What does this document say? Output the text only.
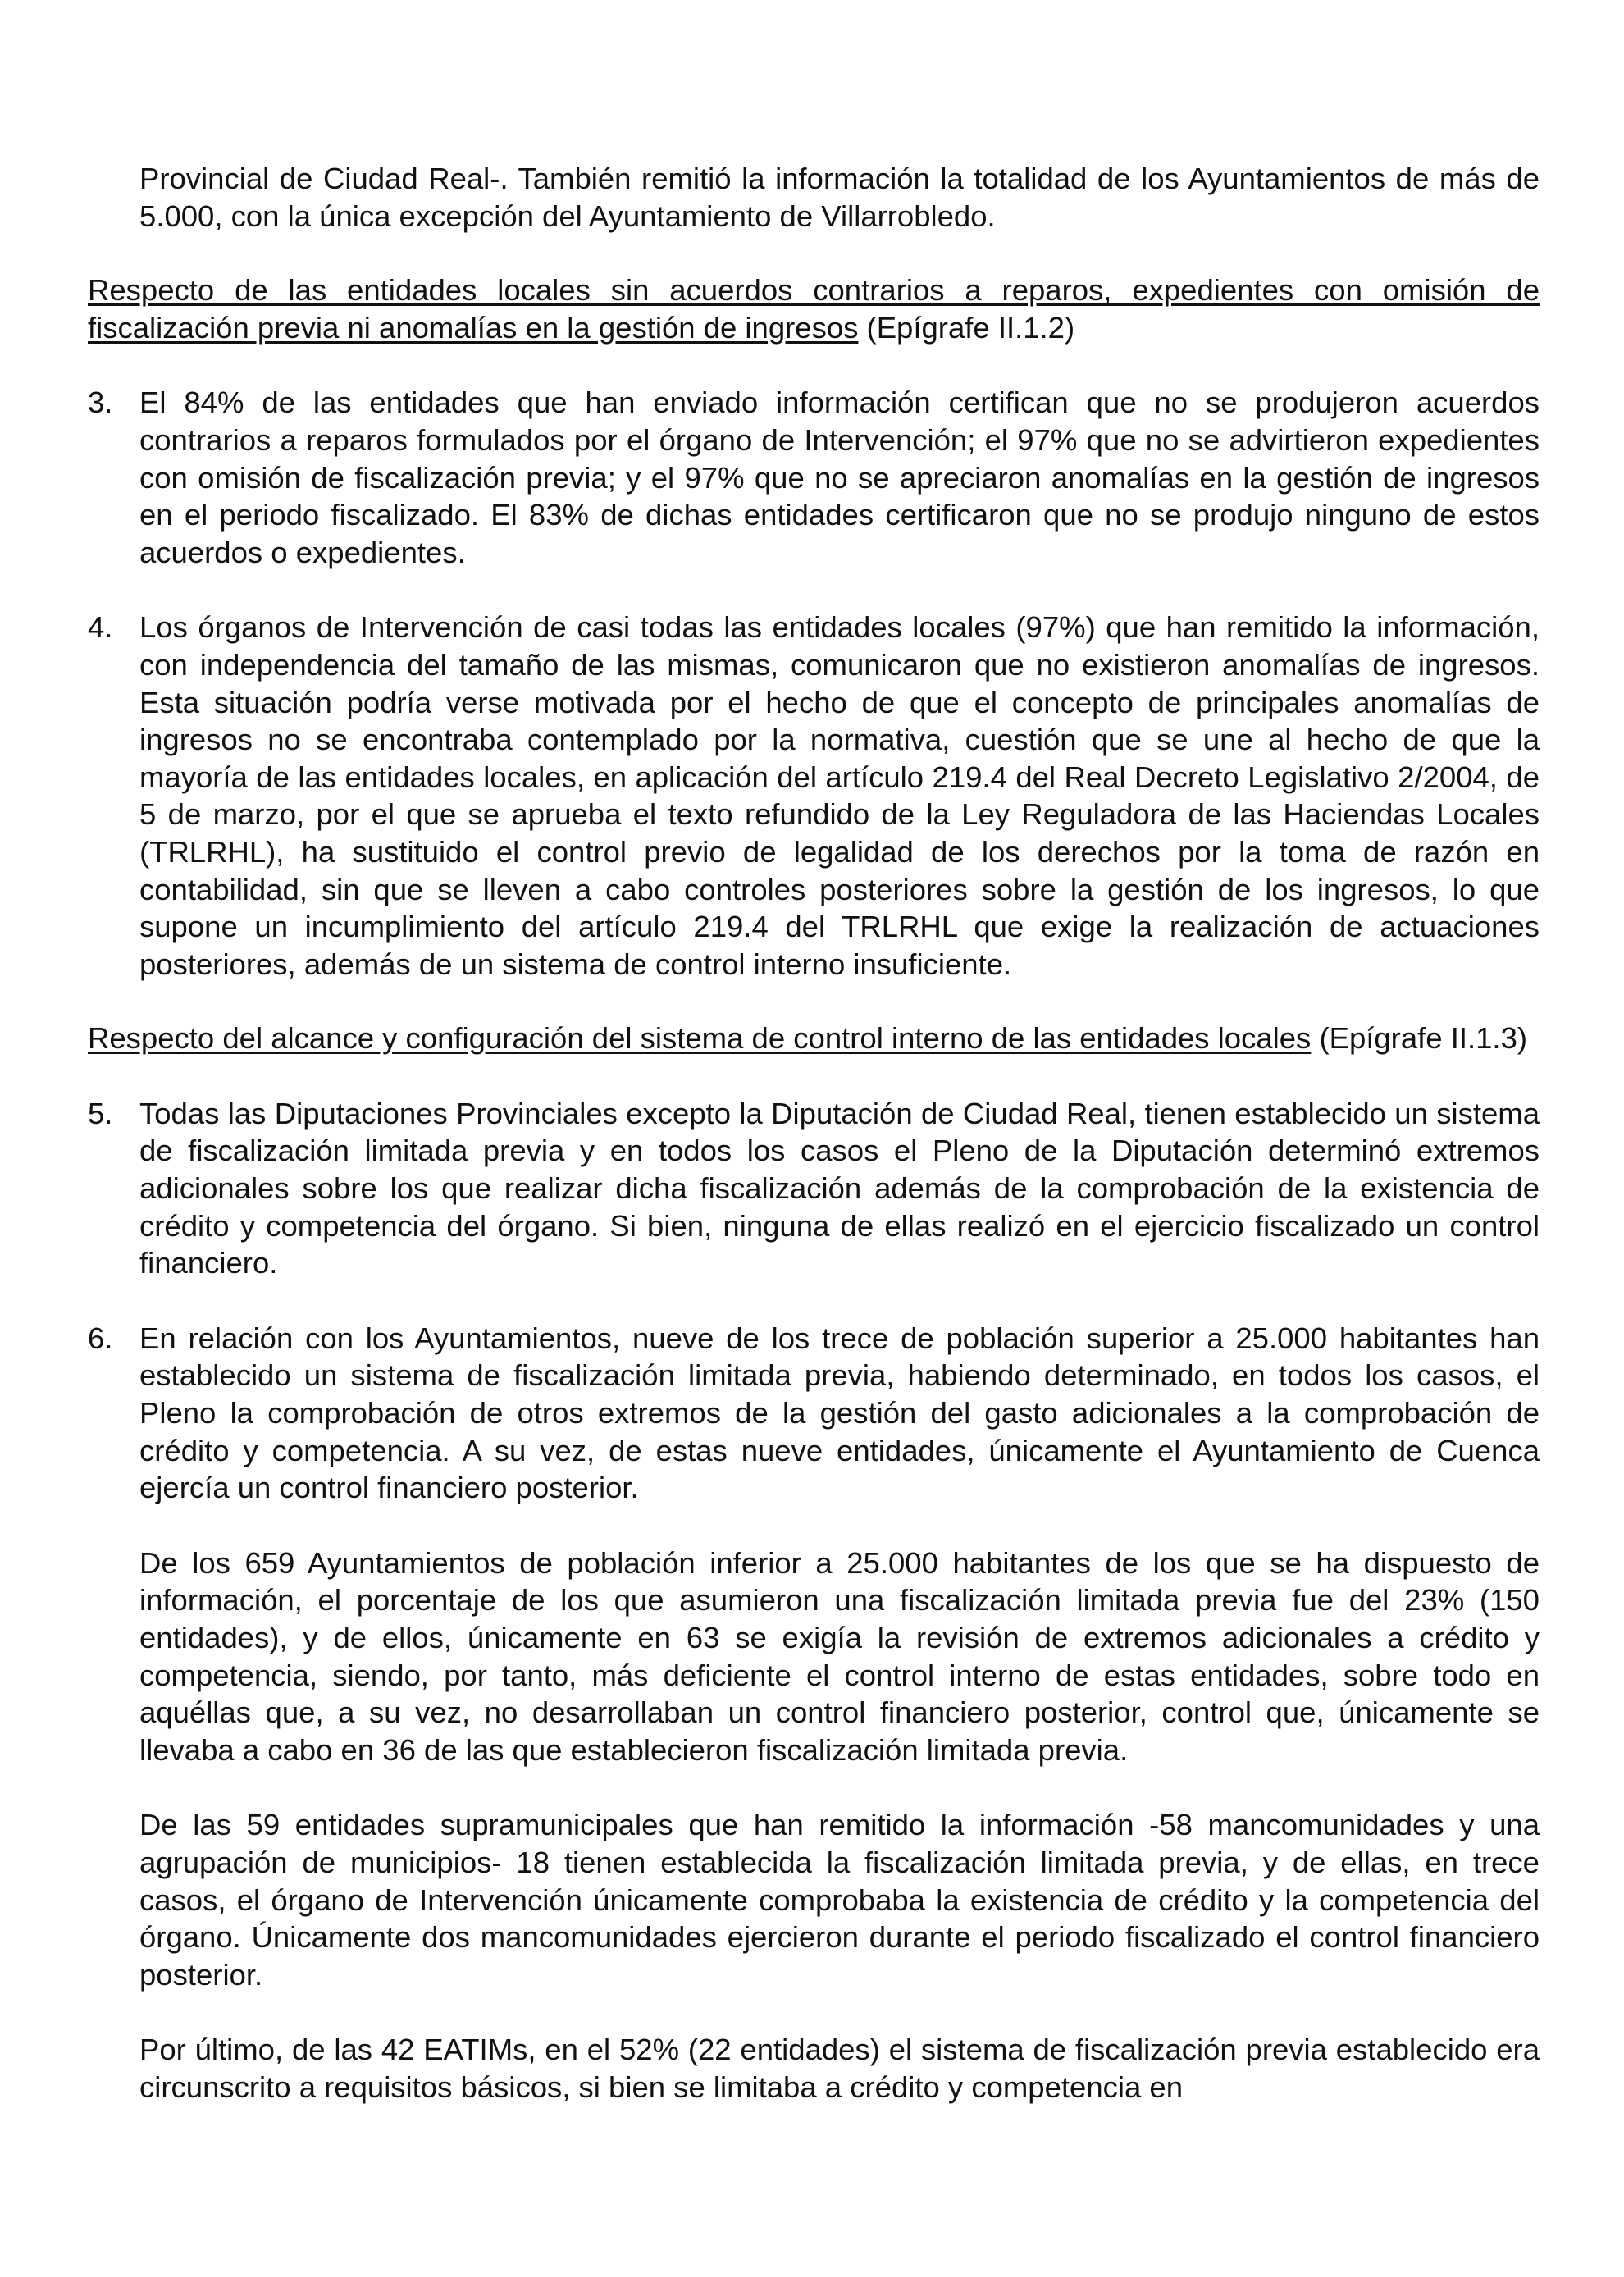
Provincial de Ciudad Real-. También remitió la información la totalidad de los Ayuntamientos de más de 5.000, con la única excepción del Ayuntamiento de Villarrobledo.

Respecto de las entidades locales sin acuerdos contrarios a reparos, expedientes con omisión de fiscalización previa ni anomalías en la gestión de ingresos (Epígrafe II.1.2)

3. El 84% de las entidades que han enviado información certifican que no se produjeron acuerdos contrarios a reparos formulados por el órgano de Intervención; el 97% que no se advirtieron expedientes con omisión de fiscalización previa; y el 97% que no se apreciaron anomalías en la gestión de ingresos en el periodo fiscalizado. El 83% de dichas entidades certificaron que no se produjo ninguno de estos acuerdos o expedientes.

4. Los órganos de Intervención de casi todas las entidades locales (97%) que han remitido la información, con independencia del tamaño de las mismas, comunicaron que no existieron anomalías de ingresos. Esta situación podría verse motivada por el hecho de que el concepto de principales anomalías de ingresos no se encontraba contemplado por la normativa, cuestión que se une al hecho de que la mayoría de las entidades locales, en aplicación del artículo 219.4 del Real Decreto Legislativo 2/2004, de 5 de marzo, por el que se aprueba el texto refundido de la Ley Reguladora de las Haciendas Locales (TRLRHL), ha sustituido el control previo de legalidad de los derechos por la toma de razón en contabilidad, sin que se lleven a cabo controles posteriores sobre la gestión de los ingresos, lo que supone un incumplimiento del artículo 219.4 del TRLRHL que exige la realización de actuaciones posteriores, además de un sistema de control interno insuficiente.

Respecto del alcance y configuración del sistema de control interno de las entidades locales (Epígrafe II.1.3)

5. Todas las Diputaciones Provinciales excepto la Diputación de Ciudad Real, tienen establecido un sistema de fiscalización limitada previa y en todos los casos el Pleno de la Diputación determinó extremos adicionales sobre los que realizar dicha fiscalización además de la comprobación de la existencia de crédito y competencia del órgano. Si bien, ninguna de ellas realizó en el ejercicio fiscalizado un control financiero.

6. En relación con los Ayuntamientos, nueve de los trece de población superior a 25.000 habitantes han establecido un sistema de fiscalización limitada previa, habiendo determinado, en todos los casos, el Pleno la comprobación de otros extremos de la gestión del gasto adicionales a la comprobación de crédito y competencia. A su vez, de estas nueve entidades, únicamente el Ayuntamiento de Cuenca ejercía un control financiero posterior.

De los 659 Ayuntamientos de población inferior a 25.000 habitantes de los que se ha dispuesto de información, el porcentaje de los que asumieron una fiscalización limitada previa fue del 23% (150 entidades), y de ellos, únicamente en 63 se exigía la revisión de extremos adicionales a crédito y competencia, siendo, por tanto, más deficiente el control interno de estas entidades, sobre todo en aquéllas que, a su vez, no desarrollaban un control financiero posterior, control que, únicamente se llevaba a cabo en 36 de las que establecieron fiscalización limitada previa.

De las 59 entidades supramunicipales que han remitido la información -58 mancomunidades y una agrupación de municipios- 18 tienen establecida la fiscalización limitada previa, y de ellas, en trece casos, el órgano de Intervención únicamente comprobaba la existencia de crédito y la competencia del órgano. Únicamente dos mancomunidades ejercieron durante el periodo fiscalizado el control financiero posterior.

Por último, de las 42 EATIMs, en el 52% (22 entidades) el sistema de fiscalización previa establecido era circunscrito a requisitos básicos, si bien se limitaba a crédito y competencia en
